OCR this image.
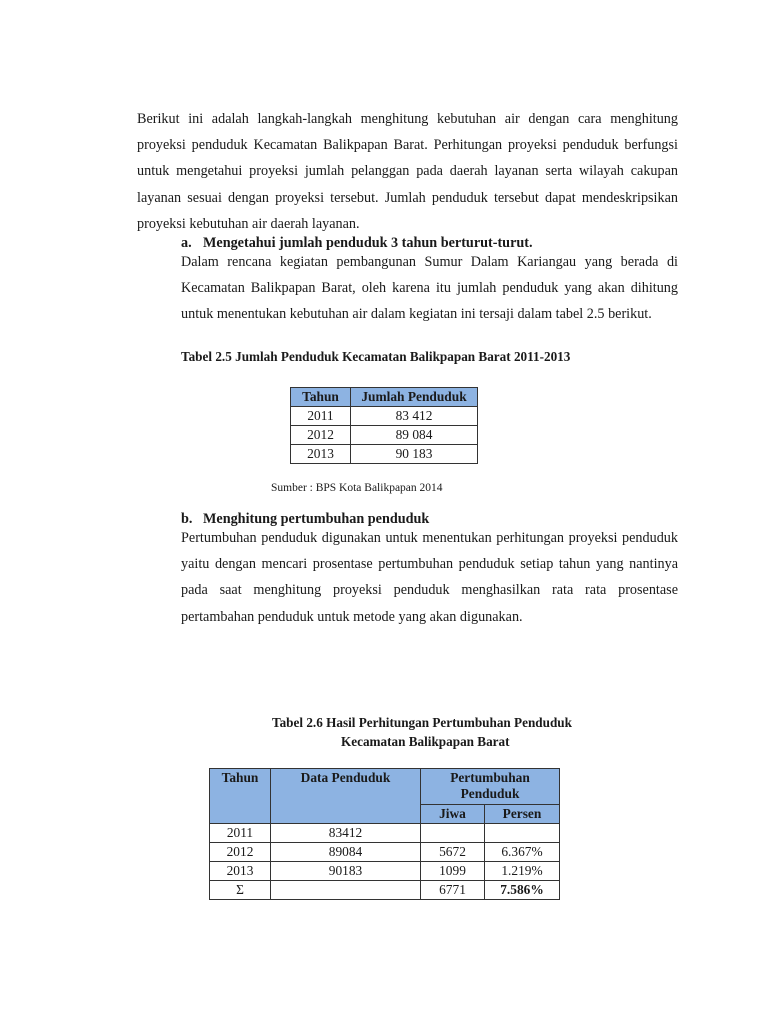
Berikut ini adalah langkah-langkah menghitung kebutuhan air dengan cara menghitung proyeksi penduduk Kecamatan Balikpapan Barat. Perhitungan proyeksi penduduk berfungsi untuk mengetahui proyeksi jumlah pelanggan pada daerah layanan serta wilayah cakupan layanan sesuai dengan proyeksi tersebut. Jumlah penduduk tersebut dapat mendeskripsikan proyeksi kebutuhan air daerah layanan.
a. Mengetahui jumlah penduduk 3 tahun berturut-turut.
Dalam rencana kegiatan pembangunan Sumur Dalam Kariangau yang berada di Kecamatan Balikpapan Barat, oleh karena itu jumlah penduduk yang akan dihitung untuk menentukan kebutuhan air dalam kegiatan ini tersaji dalam tabel 2.5 berikut.
Tabel 2.5 Jumlah Penduduk Kecamatan Balikpapan Barat 2011-2013
Tahun	Jumlah Penduduk
2011	83 412
2012	89 084
2013	90 183
Sumber : BPS Kota Balikpapan 2014
b. Menghitung pertumbuhan penduduk
Pertumbuhan penduduk digunakan untuk menentukan perhitungan proyeksi penduduk yaitu dengan mencari prosentase pertumbuhan penduduk setiap tahun yang nantinya pada saat menghitung proyeksi penduduk menghasilkan rata rata prosentase pertambahan penduduk untuk metode yang akan digunakan.
Tabel 2.6 Hasil Perhitungan Pertumbuhan Penduduk
Kecamatan Balikpapan Barat
Tahun	Data Penduduk	Pertumbuhan Penduduk	

		Jiwa	Persen
2011	83412		
2012	89084	5672	6.367%
2013	90183	1099	1.219%
Σ		6771	7.586%
